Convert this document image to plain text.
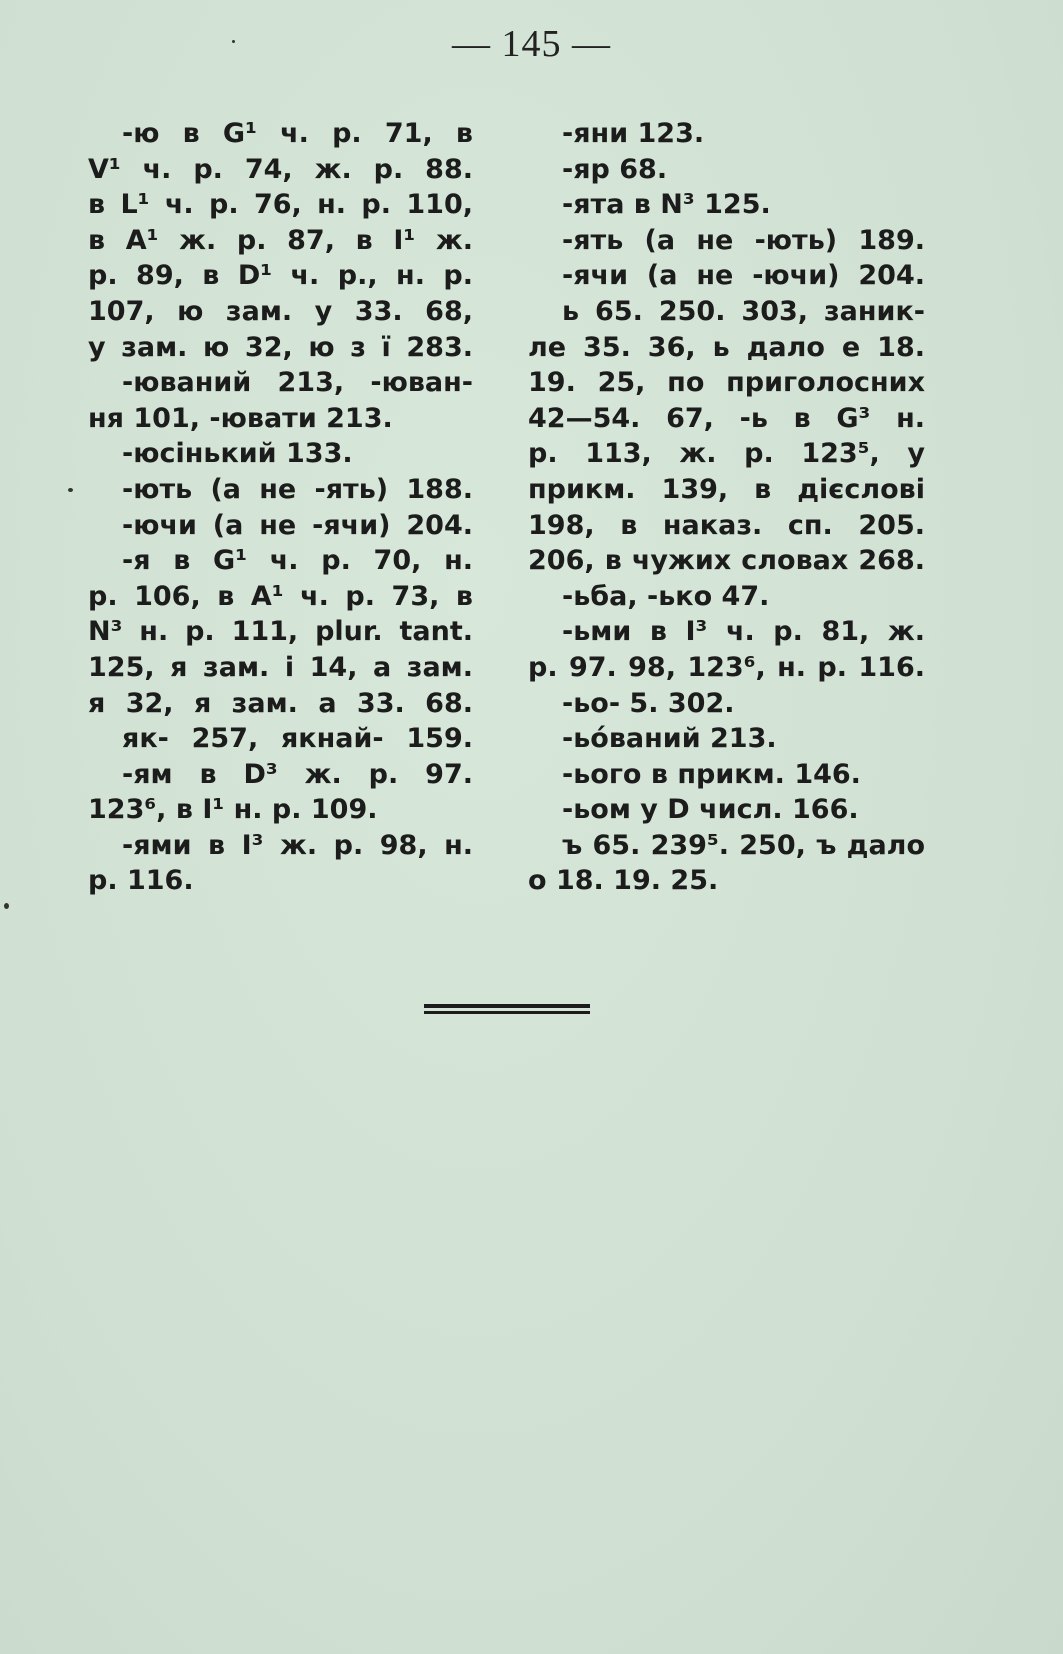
— 145 —
-ю в G¹ ч. р. 71, в
V¹ ч. р. 74, ж. р. 88.
в L¹ ч. р. 76, н. р. 110,
в A¹ ж. р. 87, в I¹ ж.
р. 89, в D¹ ч. р., н. р.
107, ю зам. у 33. 68,
у зам. ю 32, ю з ї 283.
-юваний 213, -юван-
ня 101, -ювати 213.
-юсінький 133.
-ють (а не -ять) 188.
-ючи (а не -ячи) 204.
-я в G¹ ч. р. 70, н.
р. 106, в A¹ ч. р. 73, в
N³ н. р. 111, plur. tant.
125, я зам. і 14, а зам.
я 32, я зам. а 33. 68.
як- 257, якнай- 159.
-ям в D³ ж. р. 97.
123⁶, в I¹ н. р. 109.
-ями в I³ ж. р. 98, н.
р. 116.
-яни 123.
-яр 68.
-ята в N³ 125.
-ять (а не -ють) 189.
-ячи (а не -ючи) 204.
ь 65. 250. 303, заник-
ле 35. 36, ь дало е 18.
19. 25, по приголосних
42—54. 67, -ь в G³ н.
р. 113, ж. р. 123⁵, у
прикм. 139, в дієслові
198, в наказ. сп. 205.
206, в чужих словах 268.
-ьба, -ько 47.
-ьми в I³ ч. р. 81, ж.
р. 97. 98, 123⁶, н. р. 116.
-ьо- 5. 302.
-ьо́ваний 213.
-ього в прикм. 146.
-ьом у D числ. 166.
ъ 65. 239⁵. 250, ъ дало
о 18. 19. 25.
